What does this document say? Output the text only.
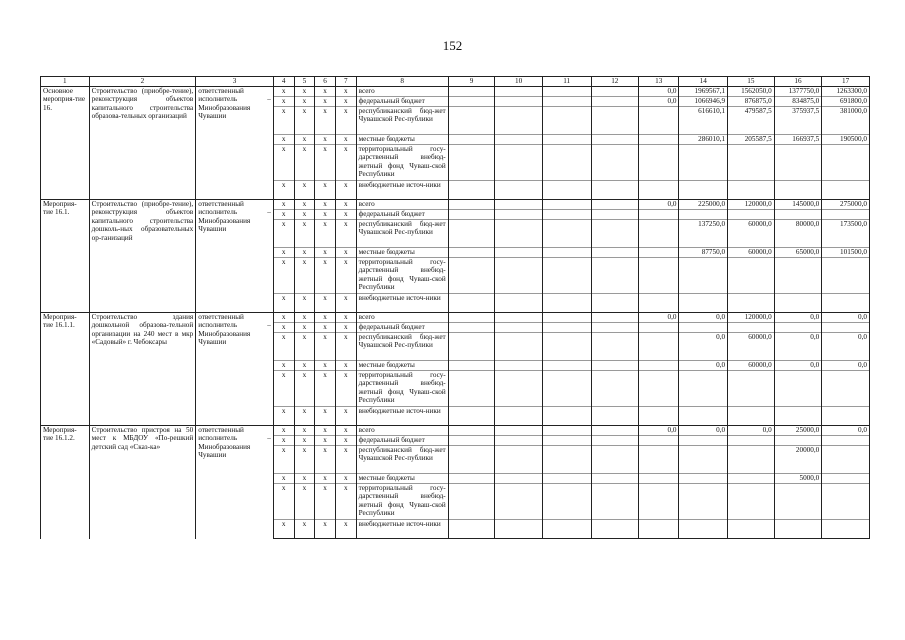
152
1	2	3	4	5	6	7	8	9	10	11	12	13	14	15	16	17
Основное мероприя-тие 16.	Строительство (приобре-тение), реконструкция объектов капитального строительства образова-тельных организаций	ответственный исполнитель – Минобразования Чувашии	x	x	x	x	всего					0,0	1969567,1	1562050,0	1377750,0	1263300,0
			x	x	x	x	федеральный бюджет					0,0	1066946,9	876875,0	834875,0	691800,0
			x	x	x	x	республиканский бюд-жет Чувашской Рес-публики						616610,1	479587,5	375937,5	381000,0
			x	x	x	x	местные бюджеты						286010,1	205587,5	166937,5	190500,0
			x	x	x	x	территориальный госу-дарственный внебюд-жетный фонд Чуваш-ской Республики									
			x	x	x	x	внебюджетные источ-ники									
Мероприя-тие 16.1.	Строительство (приобре-тение), реконструкция объектов капитального строительства дошколь-ных образовательных ор-ганизаций	ответственный исполнитель – Минобразования Чувашии	x	x	x	x	всего					0,0	225000,0	120000,0	145000,0	275000,0
			x	x	x	x	федеральный бюджет									
			x	x	x	x	республиканский бюд-жет Чувашской Рес-публики						137250,0	60000,0	80000,0	173500,0
			x	x	x	x	местные бюджеты						87750,0	60000,0	65000,0	101500,0
			x	x	x	x	территориальный госу-дарственный внебюд-жетный фонд Чуваш-ской Республики									
			x	x	x	x	внебюджетные источ-ники									
Мероприя-тие 16.1.1.	Строительство здания дошкольной образова-тельной организации на 240 мест в мкр «Садовый» г. Чебоксары	ответственный исполнитель – Минобразования Чувашии	x	x	x	x	всего					0,0	0,0	120000,0	0,0	0,0
			x	x	x	x	федеральный бюджет									
			x	x	x	x	республиканский бюд-жет Чувашской Рес-публики						0,0	60000,0	0,0	0,0
			x	x	x	x	местные бюджеты						0,0	60000,0	0,0	0,0
			x	x	x	x	территориальный госу-дарственный внебюд-жетный фонд Чуваш-ской Республики									
			x	x	x	x	внебюджетные источ-ники									
Мероприя-тие 16.1.2.	Строительство пристроя на 50 мест к МБДОУ «По-решкий детский сад «Сказ-ка»	ответственный исполнитель – Минобразования Чувашии	x	x	x	x	всего					0,0	0,0	0,0	25000,0	0,0
			x	x	x	x	федеральный бюджет									
			x	x	x	x	республиканский бюд-жет Чувашской Рес-публики								20000,0	
			x	x	x	x	местные бюджеты								5000,0	
			x	x	x	x	территориальный госу-дарственный внебюд-жетный фонд Чуваш-ской Республики									
			x	x	x	x	внебюджетные источ-ники									
